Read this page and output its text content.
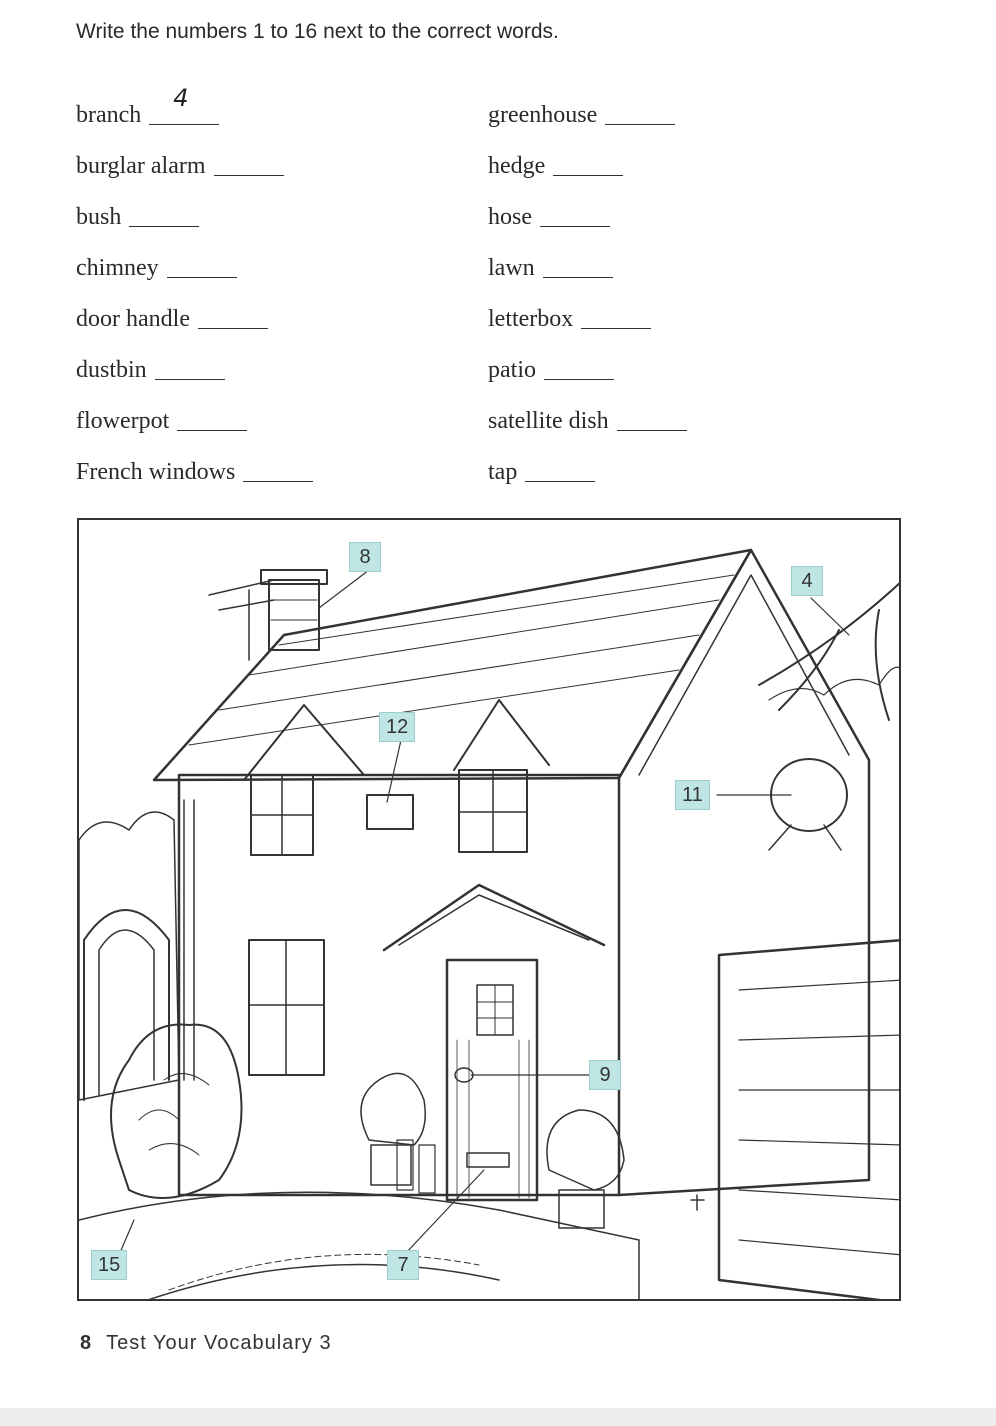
Write the numbers 1 to 16 next to the correct words.
branch
4
burglar alarm
bush
chimney
door handle
dustbin
flowerpot
French windows
greenhouse
hedge
hose
lawn
letterbox
patio
satellite dish
tap
8
4
12
11
9
15	7
8 Test Your Vocabulary 3
